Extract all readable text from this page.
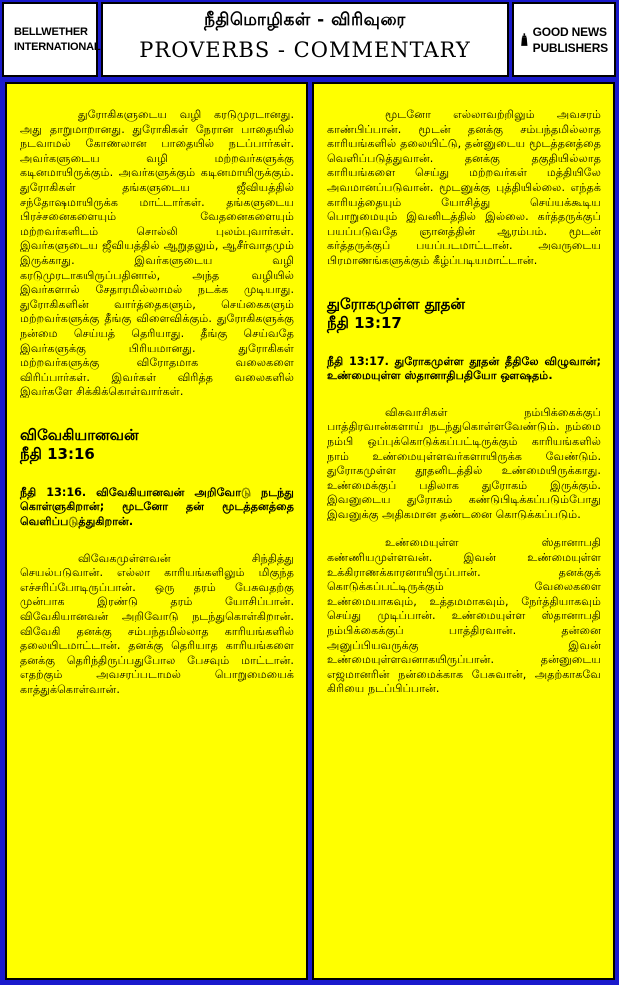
BELLWETHER
INTERNATIONAL
நீதிமொழிகள் - விரிவுரை
PROVERBS - COMMENTARY
GOOD NEWS
PUBLISHERS

துரோகிகளுடைய வழி கரடுமுரடானது. அது தாறுமாறானது. துரோகிகள் நேரான பாதையில் நடவாமல் கோணலான பாதையில் நடப்பார்கள். அவர்களுடைய வழி மற்றவர்களுக்கு கடினமாயிருக்கும். அவர்களுக்கும் கடினமாயிருக்கும். துரோகிகள் தங்களுடைய ஜீவியத்தில் சந்தோஷமாயிருக்க மாட்டார்கள். தங்களுடைய பிரச்சனைகளையும் வேதனைகளையும் மற்றவர்களிடம் சொல்லி புலம்புவார்கள். இவர்களுடைய ஜீவியத்தில் ஆறுதலும், ஆசீர்வாதமும் இருக்காது. இவர்களுடைய வழி கரடுமுரடாகயிருப்பதினால், அந்த வழியில் இவர்களால் சேதாரமில்லாமல் நடக்க முடியாது. துரோகிகளின் வார்த்தைகளும், செய்கைகளும் மற்றவர்களுக்கு தீங்கு விளைவிக்கும். துரோகிகளுக்கு நன்மை செய்யத் தெரியாது. தீங்கு செய்வதே இவர்களுக்கு பிரியமானது. துரோகிகள் மற்றவர்களுக்கு விரோதமாக வலைகளை விரிப்பார்கள். இவர்கள் விரித்த வலைகளில் இவர்களே சிக்கிக்கொள்வார்கள்.

விவேகியானவன்
நீதி 13:16
நீதி 13:16. விவேகியானவன் அறிவோடு நடந்து கொள்ளுகிறான்; மூடனோ தன் மூடத்தனத்தை வெளிப்படுத்துகிறான்.

விவேகமுள்ளவன் சிந்தித்து செயல்படுவான். எல்லா காரியங்களிலும் மிகுந்த எச்சரிப்போடிருப்பான். ஒரு தரம் பேசுவதற்கு முன்பாக இரண்டு தரம் யோசிப்பான். விவேகியானவன் அறிவோடு நடந்துகொள்கிறான். விவேகி தனக்கு சம்பந்தமில்லாத காரியங்களில் தலையிடமாட்டான். தனக்கு தெரியாத காரியங்களை தனக்கு தெரிந்திருப்பதுபோல பேசவும் மாட்டான். எதற்கும் அவசரப்படாமல் பொறுமையைக் காத்துக்கொள்வான்.

மூடனோ எல்லாவற்றிலும் அவசரம் காண்பிப்பான். மூடன் தனக்கு சம்பந்தமில்லாத காரியங்களில் தலையிட்டு, தன்னுடைய மூடத்தனத்தை வெளிப்படுத்துவான். தனக்கு தகுதியில்லாத காரியங்களை செய்து மற்றவர்கள் மத்தியிலே அவமானப்படுவான். மூடனுக்கு புத்தியில்லை. எந்தக் காரியத்தையும் யோசித்து செய்யக்கூடிய பொறுமையும் இவனிடத்தில் இல்லை. கர்த்தருக்குப் பயப்படுவதே ஞானத்தின் ஆரம்பம். மூடன் கர்த்தருக்குப் பயப்படமாட்டான். அவருடைய பிரமாணங்களுக்கும் கீழ்ப்படியமாட்டான்.

துரோகமுள்ள தூதன்
நீதி 13:17
நீதி 13:17. துரோகமுள்ள தூதன் தீதிலே விழுவான்; உண்மையுள்ள ஸ்தானாதிபதியோ ஔஷதம்.

விசுவாசிகள் நம்பிக்கைக்குப் பாத்திரவான்களாய் நடந்துகொள்ளவேண்டும். நம்மை நம்பி ஒப்புக்கொடுக்கப்பட்டிருக்கும் காரியங்களில் நாம் உண்மையுள்ளவர்களாயிருக்க வேண்டும். துரோகமுள்ள தூதனிடத்தில் உண்மையிருக்காது. உண்மைக்குப் பதிலாக துரோகம் இருக்கும். இவனுடைய துரோகம் கண்டுபிடிக்கப்படும்போது இவனுக்கு அதிகமான தண்டனை கொடுக்கப்படும்.

உண்மையுள்ள ஸ்தானாபதி கண்ணியமுள்ளவன். இவன் உண்மையுள்ள உக்கிராணக்காரனாயிருப்பான். தனக்குக் கொடுக்கப்பட்டிருக்கும் வேலைகளை உண்மையாகவும், உத்தமமாகவும், நேர்த்தியாகவும் செய்து முடிப்பான். உண்மையுள்ள ஸ்தானாபதி நம்பிக்கைக்குப் பாத்திரவான். தன்னை அனுப்பியவருக்கு இவன் உண்மையுள்ளவனாகயிருப்பான். தன்னுடைய எஜமானரின் நன்மைக்காக பேசுவான், அதற்காகவே கிரியை நடப்பிப்பான்.
